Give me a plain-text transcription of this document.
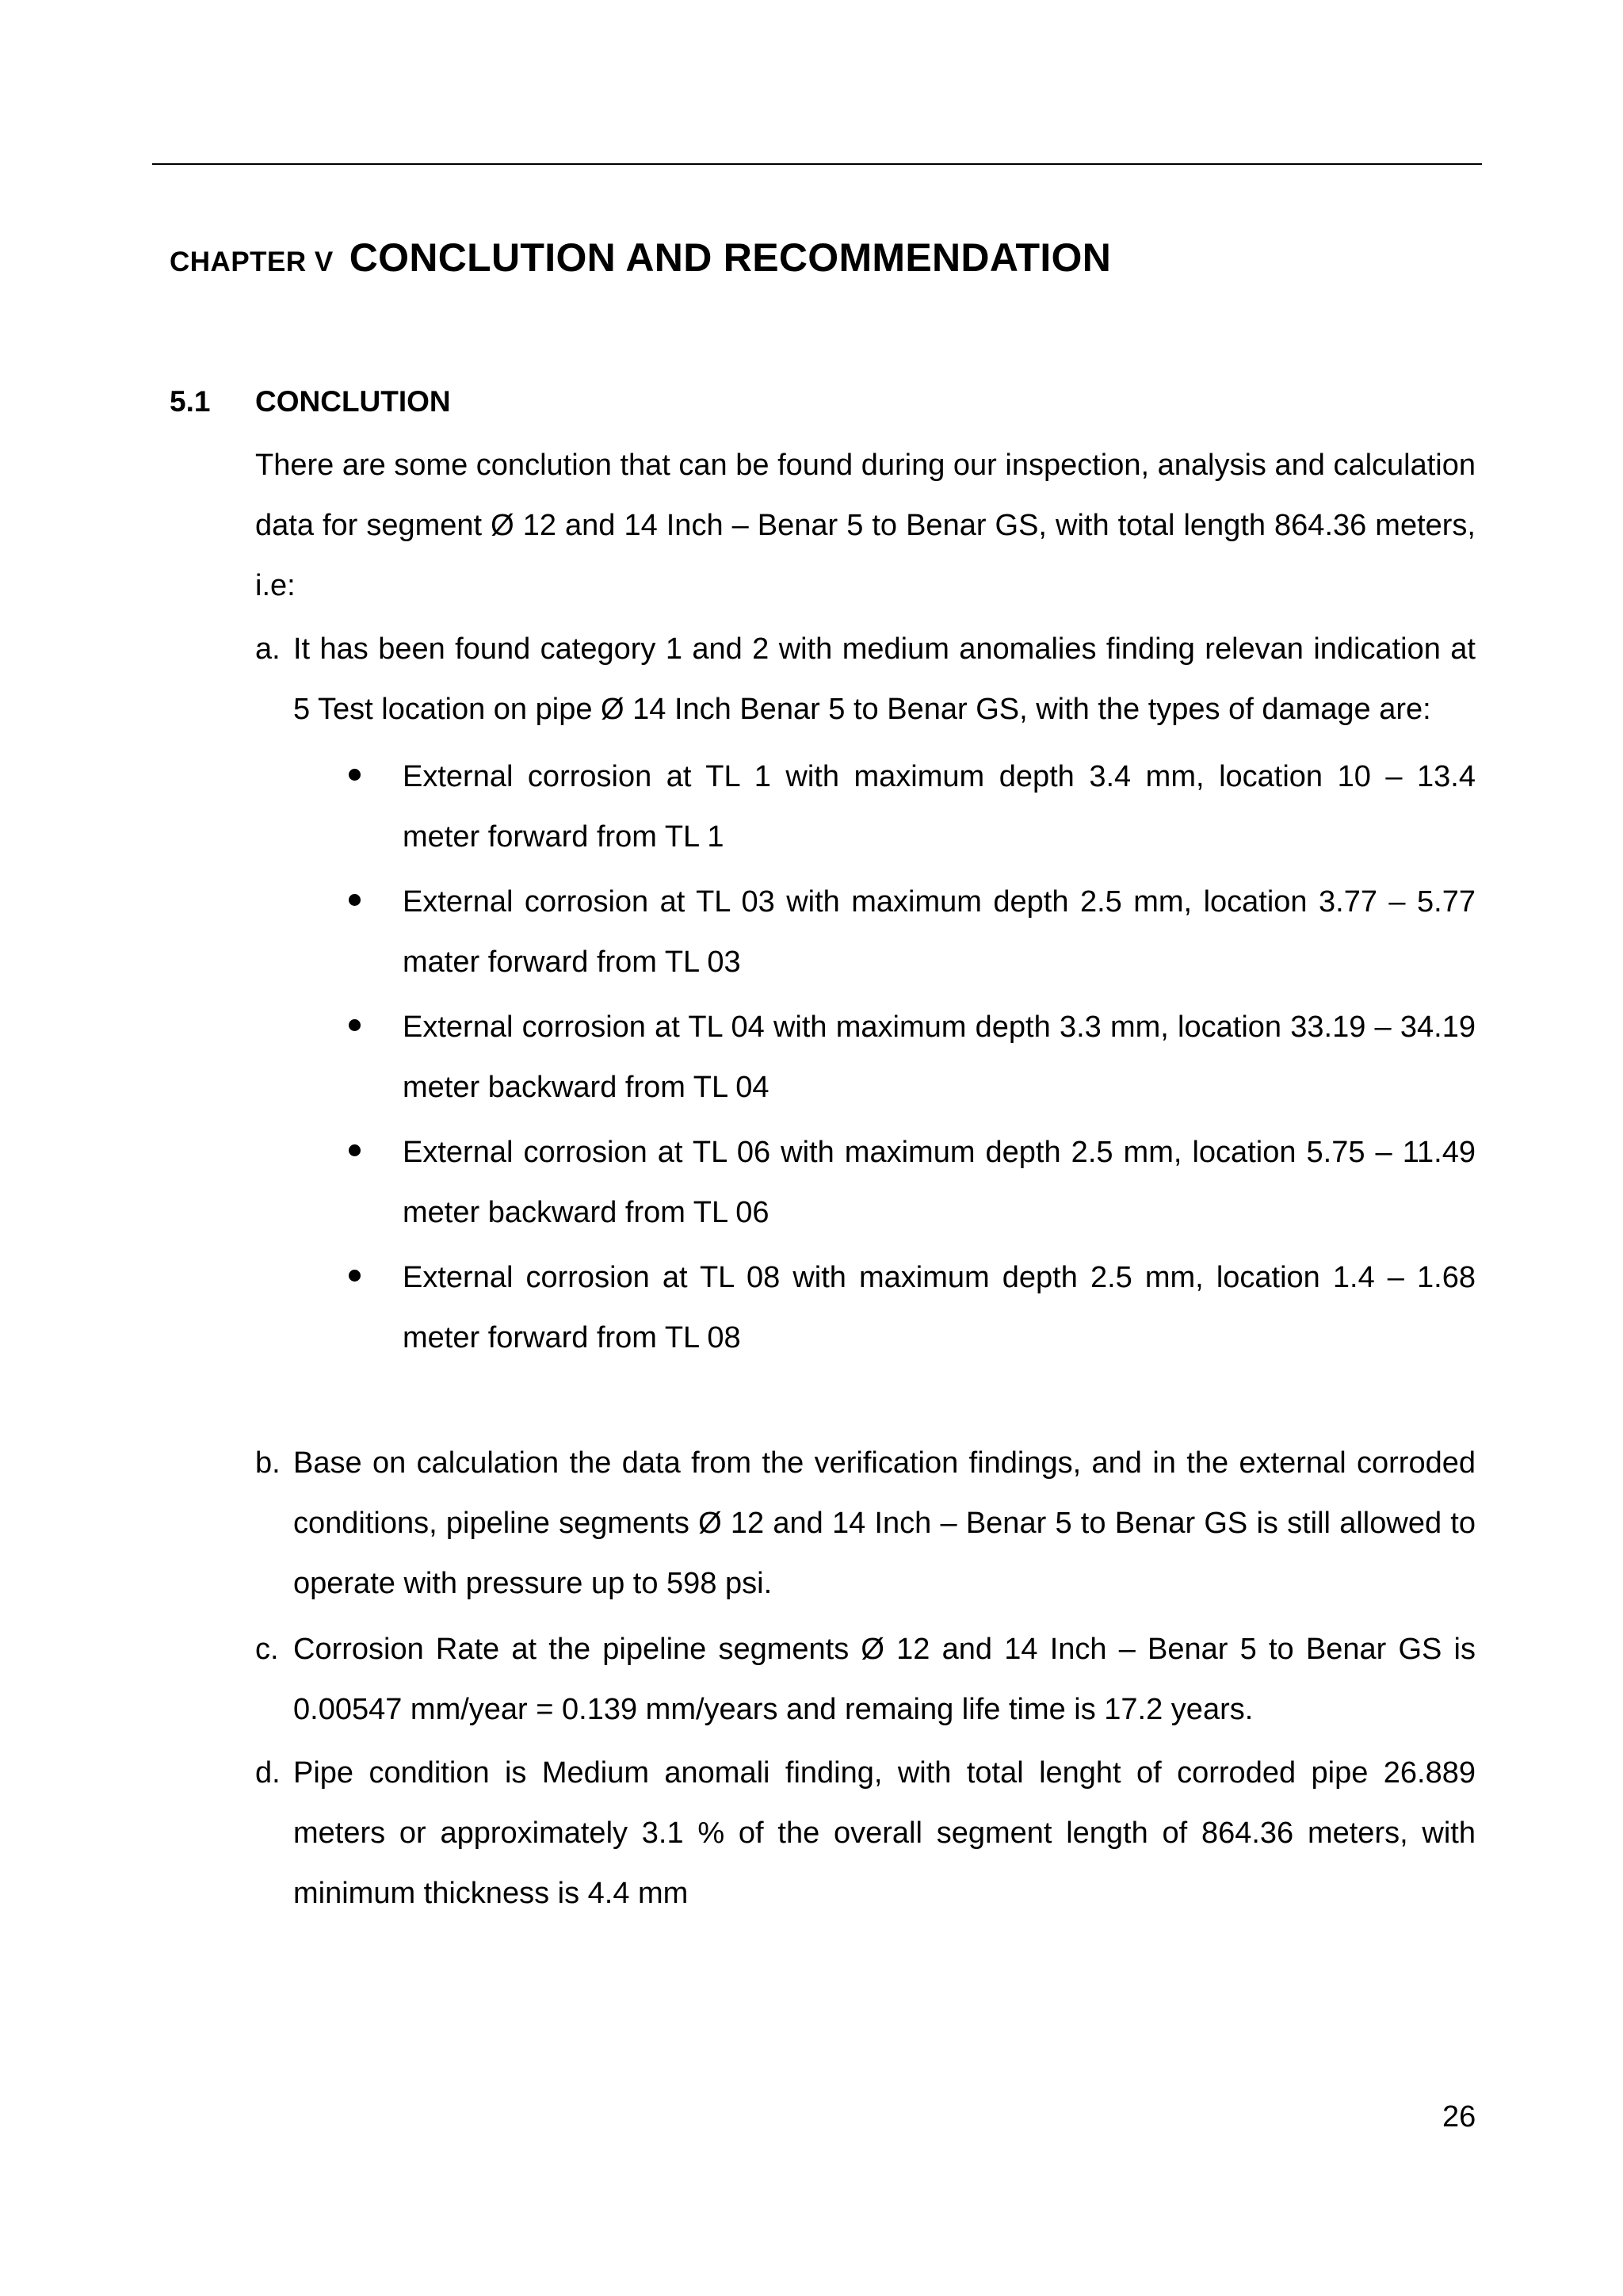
CHAPTER V CONCLUTION AND RECOMMENDATION
5.1 CONCLUTION
There are some conclution that can be found during our inspection, analysis and calculation data for segment Ø 12 and 14 Inch – Benar 5 to Benar GS, with total length 864.36 meters, i.e:
a. It has been found category 1 and 2 with medium anomalies finding relevan indication at 5 Test location on pipe Ø 14 Inch Benar 5 to Benar GS, with the types of damage are:
External corrosion at TL 1 with maximum depth 3.4 mm, location 10 – 13.4 meter forward from TL 1
External corrosion at TL 03 with maximum depth 2.5 mm, location 3.77 – 5.77 mater forward from TL 03
External corrosion at TL 04 with maximum depth 3.3 mm, location 33.19 – 34.19 meter backward from TL 04
External corrosion at TL 06 with maximum depth 2.5 mm, location 5.75 – 11.49 meter backward from TL 06
External corrosion at TL 08 with maximum depth 2.5 mm, location 1.4 – 1.68 meter forward from TL 08
b. Base on calculation the data from the verification findings, and in the external corroded conditions, pipeline segments Ø 12 and 14 Inch – Benar 5 to Benar GS is still allowed to operate with pressure up to 598 psi.
c. Corrosion Rate at the pipeline segments Ø 12 and 14 Inch – Benar 5 to Benar GS is 0.00547 mm/year = 0.139 mm/years and remaing life time is 17.2 years.
d. Pipe condition is Medium anomali finding, with total lenght of corroded pipe 26.889 meters or approximately 3.1 % of the overall segment length of 864.36 meters, with minimum thickness is 4.4 mm
26
